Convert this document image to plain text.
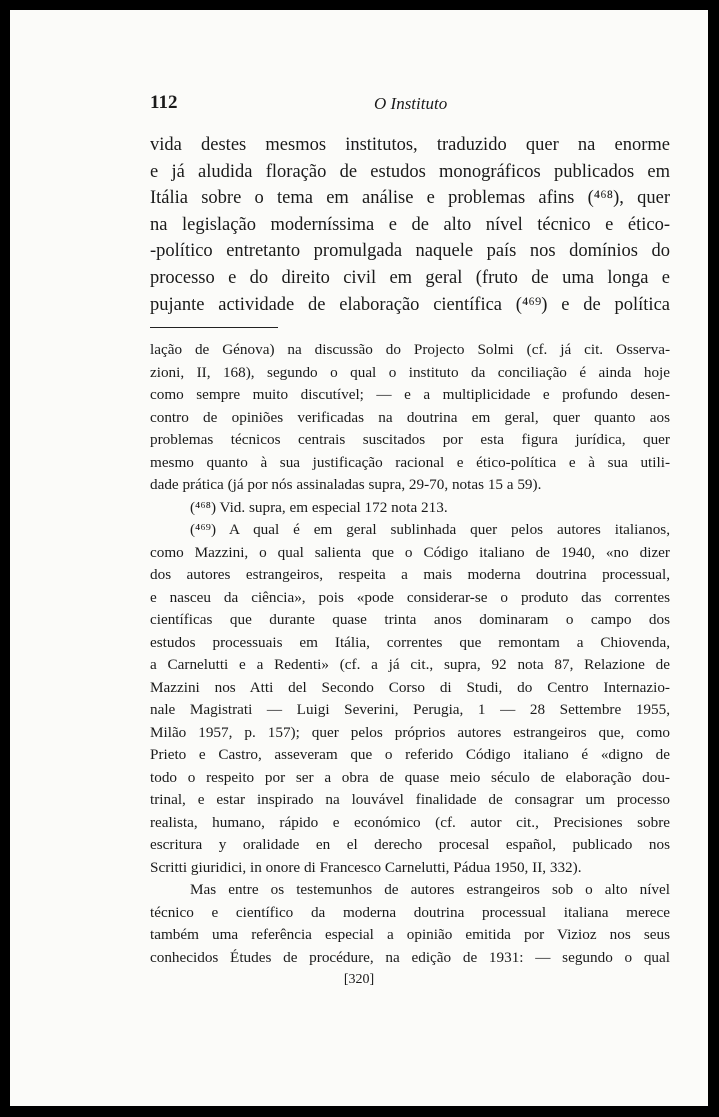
112	O Instituto
vida destes mesmos institutos, traduzido quer na enorme
e já aludida floração de estudos monográficos publicados em
Itália sobre o tema em análise e problemas afins (⁴⁶⁸), quer
na legislação moderníssima e de alto nível técnico e ético-
-político entretanto promulgada naquele país nos domínios do
processo e do direito civil em geral (fruto de uma longa e
pujante actividade de elaboração científica (⁴⁶⁹) e de política
lação de Génova) na discussão do Projecto Solmi (cf. já cit. Osserva-
zioni, II, 168), segundo o qual o instituto da conciliação é ainda hoje
como sempre muito discutível; — e a multiplicidade e profundo desen-
contro de opiniões verificadas na doutrina em geral, quer quanto aos
problemas técnicos centrais suscitados por esta figura jurídica, quer
mesmo quanto à sua justificação racional e ético-política e à sua utili-
dade prática (já por nós assinaladas supra, 29-70, notas 15 a 59).
(⁴⁶⁸) Vid. supra, em especial 172 nota 213.
(⁴⁶⁹) A qual é em geral sublinhada quer pelos autores italianos,
como Mazzini, o qual salienta que o Código italiano de 1940, «no dizer
dos autores estrangeiros, respeita a mais moderna doutrina processual,
e nasceu da ciência», pois «pode considerar-se o produto das correntes
científicas que durante quase trinta anos dominaram o campo dos
estudos processuais em Itália, correntes que remontam a Chiovenda,
a Carnelutti e a Redenti» (cf. a já cit., supra, 92 nota 87, Relazione de
Mazzini nos Atti del Secondo Corso di Studi, do Centro Internazio-
nale Magistrati — Luigi Severini, Perugia, 1 — 28 Settembre 1955,
Milão 1957, p. 157); quer pelos próprios autores estrangeiros que, como
Prieto e Castro, asseveram que o referido Código italiano é «digno de
todo o respeito por ser a obra de quase meio século de elaboração dou-
trinal, e estar inspirado na louvável finalidade de consagrar um processo
realista, humano, rápido e económico (cf. autor cit., Precisiones sobre
escritura y oralidade en el derecho procesal español, publicado nos
Scritti giuridici, in onore di Francesco Carnelutti, Pádua 1950, II, 332).
Mas entre os testemunhos de autores estrangeiros sob o alto nível
técnico e científico da moderna doutrina processual italiana merece
também uma referência especial a opinião emitida por Vizioz nos seus
conhecidos Études de procédure, na edição de 1931: — segundo o qual
[320]
